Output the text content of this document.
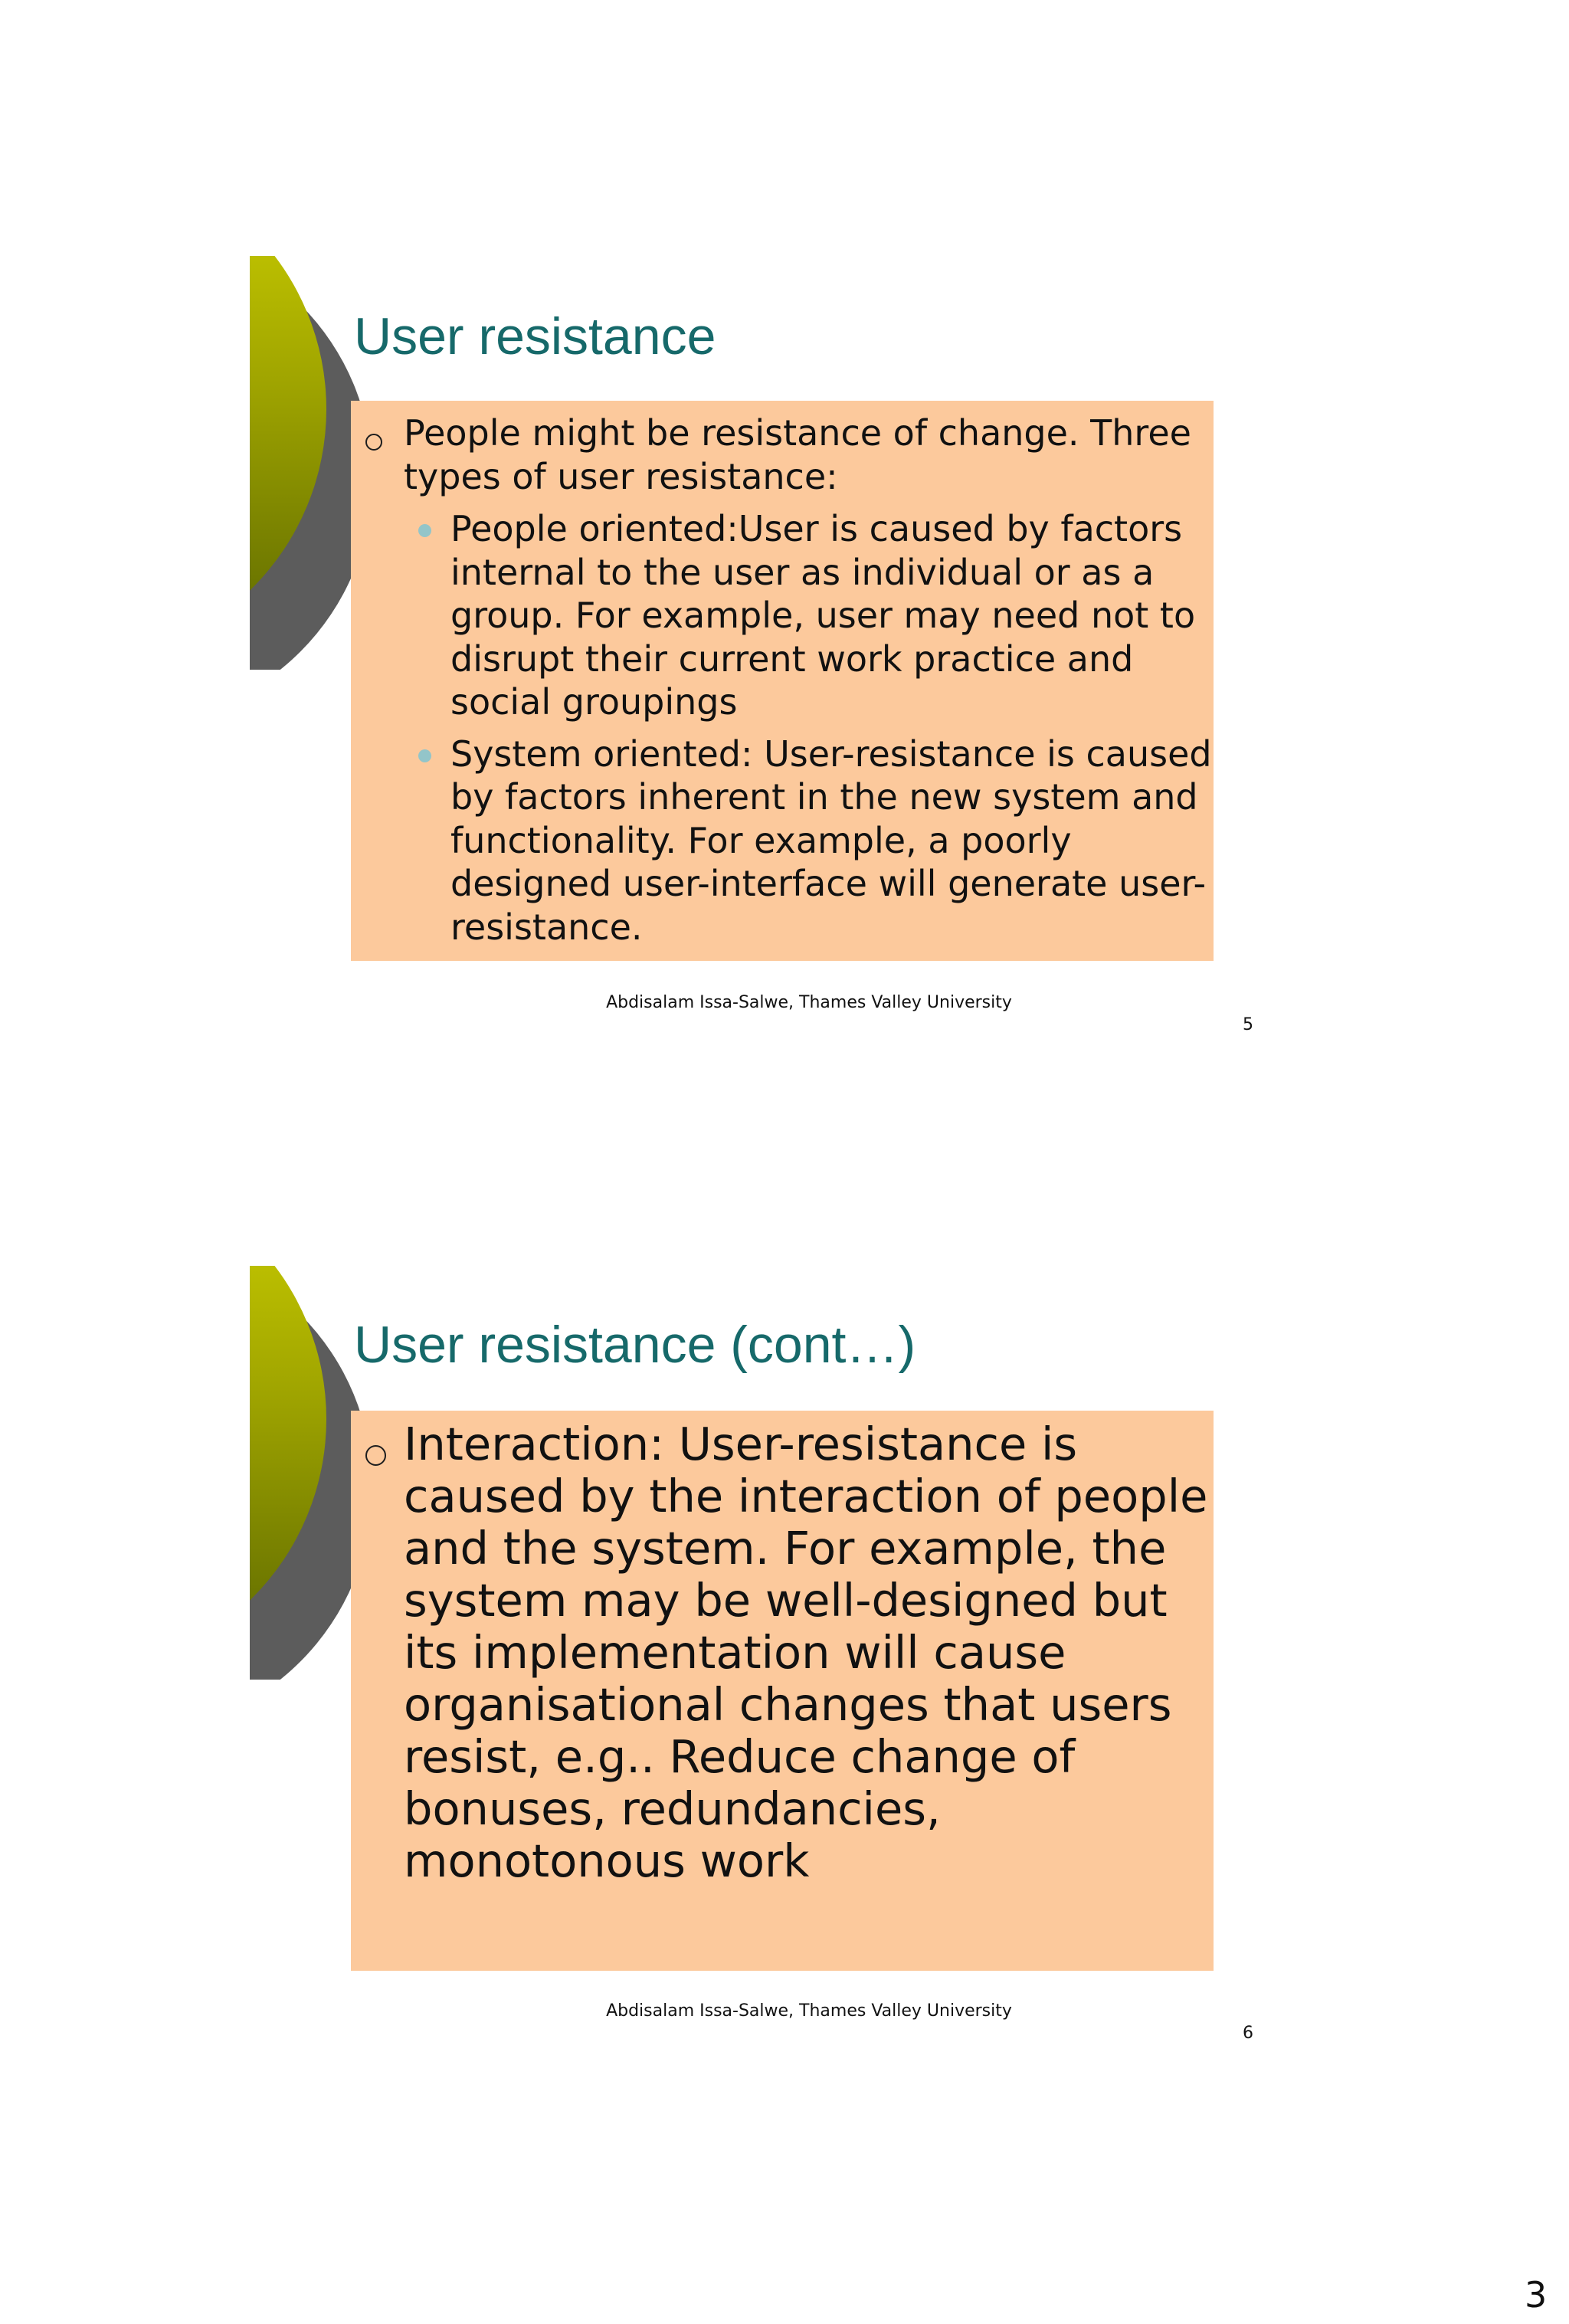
User resistance
People might be resistance of change. Three types of user resistance:
People oriented:User is caused by factors internal to the user as individual or as a group. For example, user may need not to disrupt their current work practice and social groupings
System oriented: User-resistance is caused by factors inherent in the new system and functionality. For example, a poorly designed user-interface will generate user-resistance.
Abdisalam Issa-Salwe, Thames Valley University
5
User resistance (cont…)
Interaction: User-resistance is caused by the interaction of people and the system. For example, the system may be well-designed but its implementation will cause organisational changes that users resist, e.g.. Reduce change of bonuses, redundancies, monotonous work
Abdisalam Issa-Salwe, Thames Valley University
6
3
